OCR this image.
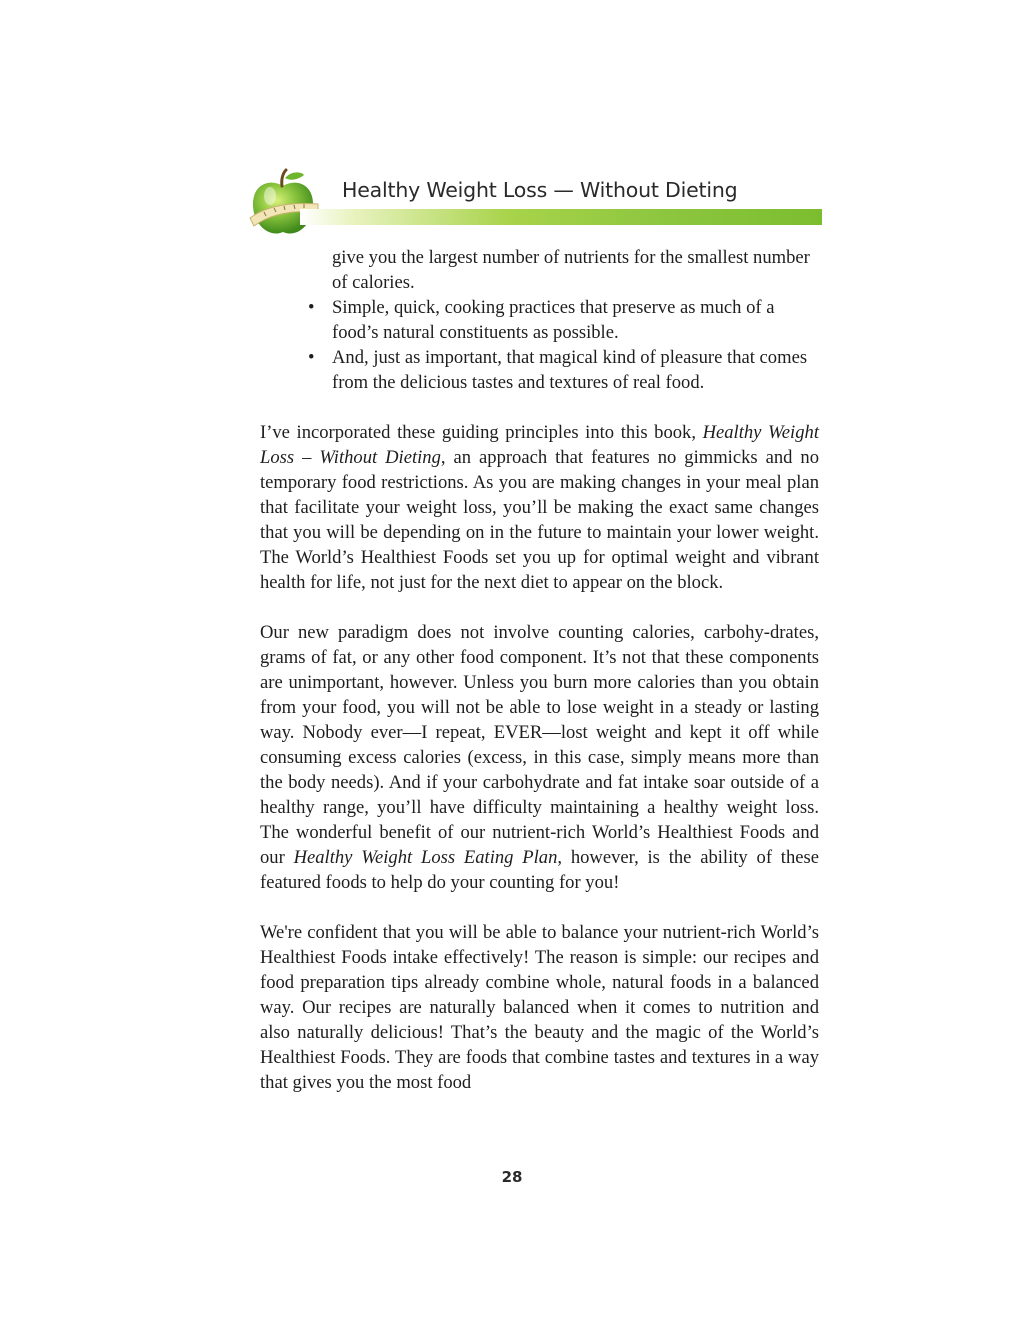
Healthy Weight Loss — Without Dieting
give you the largest number of nutrients for the smallest number of calories.
• Simple, quick, cooking practices that preserve as much of a food’s natural constituents as possible.
• And, just as important, that magical kind of pleasure that comes from the delicious tastes and textures of real food.

I’ve incorporated these guiding principles into this book, Healthy Weight Loss – Without Dieting, an approach that features no gimmicks and no temporary food restrictions. As you are making changes in your meal plan that facilitate your weight loss, you’ll be making the exact same changes that you will be depending on in the future to maintain your lower weight. The World’s Healthiest Foods set you up for optimal weight and vibrant health for life, not just for the next diet to appear on the block.

Our new paradigm does not involve counting calories, carbohy-drates, grams of fat, or any other food component. It’s not that these components are unimportant, however. Unless you burn more calories than you obtain from your food, you will not be able to lose weight in a steady or lasting way. Nobody ever—I repeat, EVER—lost weight and kept it off while consuming excess calories (excess, in this case, simply means more than the body needs). And if your carbohydrate and fat intake soar outside of a healthy range, you’ll have difficulty maintaining a healthy weight loss. The wonderful benefit of our nutrient-rich World’s Healthiest Foods and our Healthy Weight Loss Eating Plan, however, is the ability of these featured foods to help do your counting for you!

We're confident that you will be able to balance your nutrient-rich World’s Healthiest Foods intake effectively! The reason is simple: our recipes and food preparation tips already combine whole, natural foods in a balanced way. Our recipes are naturally balanced when it comes to nutrition and also naturally delicious! That’s the beauty and the magic of the World’s Healthiest Foods. They are foods that combine tastes and textures in a way that gives you the most food

28
